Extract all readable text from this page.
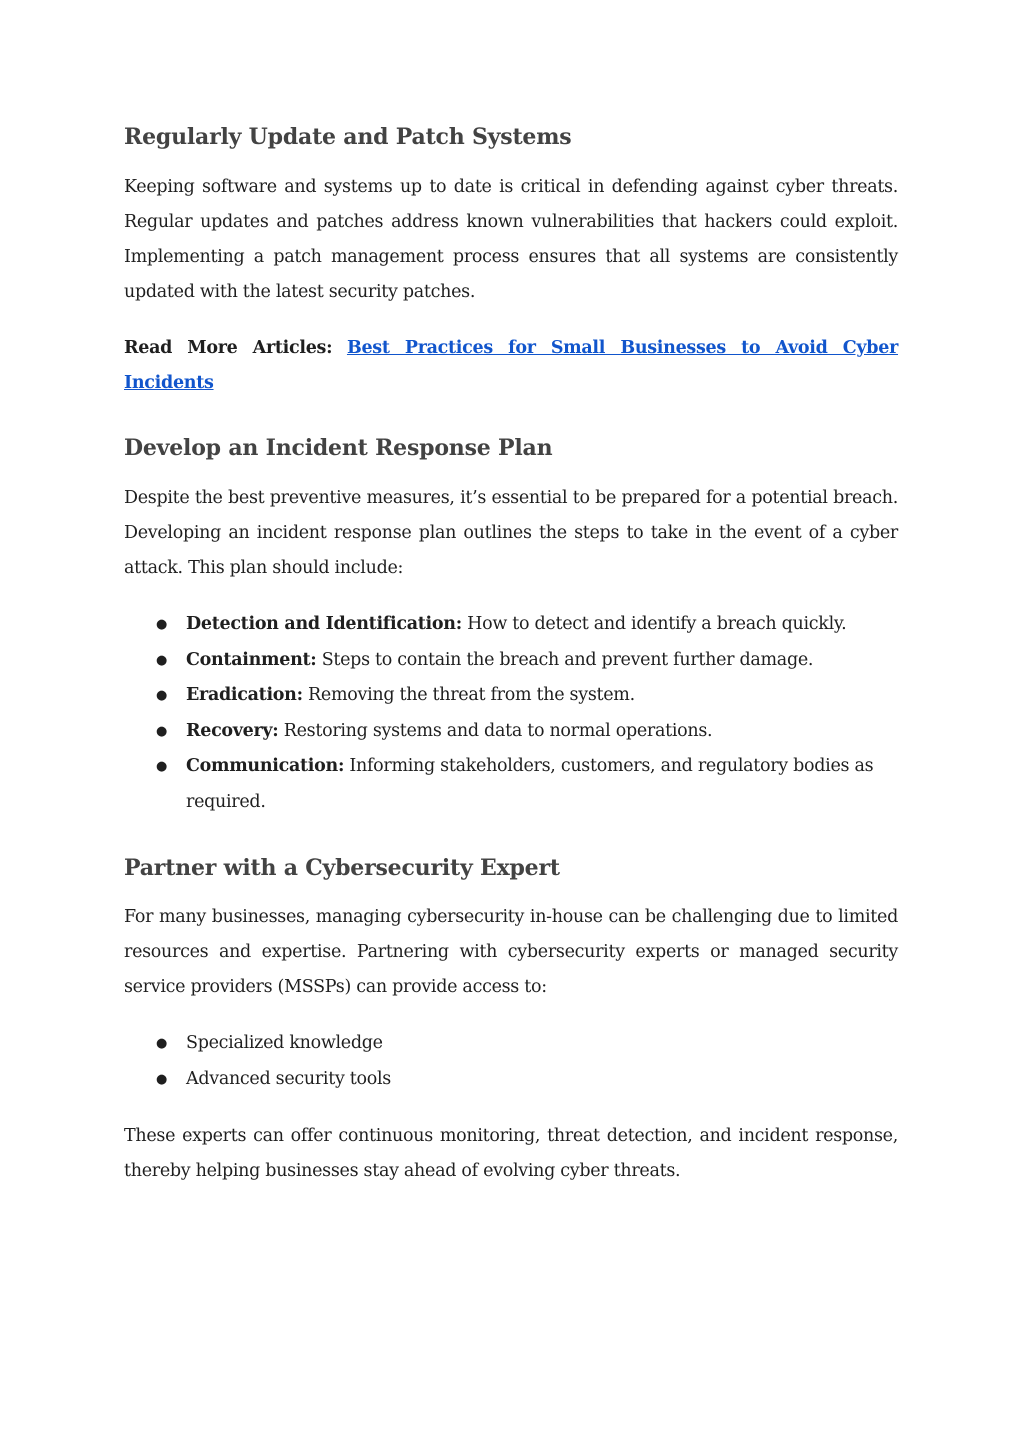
Regularly Update and Patch Systems

Keeping software and systems up to date is critical in defending against cyber threats. Regular updates and patches address known vulnerabilities that hackers could exploit. Implementing a patch management process ensures that all systems are consistently updated with the latest security patches.

Read More Articles: Best Practices for Small Businesses to Avoid Cyber Incidents

Develop an Incident Response Plan

Despite the best preventive measures, it’s essential to be prepared for a potential breach. Developing an incident response plan outlines the steps to take in the event of a cyber attack. This plan should include:

● Detection and Identification: How to detect and identify a breach quickly.
● Containment: Steps to contain the breach and prevent further damage.
● Eradication: Removing the threat from the system.
● Recovery: Restoring systems and data to normal operations.
● Communication: Informing stakeholders, customers, and regulatory bodies as required.
Partner with a Cybersecurity Expert

For many businesses, managing cybersecurity in-house can be challenging due to limited resources and expertise. Partnering with cybersecurity experts or managed security service providers (MSSPs) can provide access to:

● Specialized knowledge
● Advanced security tools

These experts can offer continuous monitoring, threat detection, and incident response, thereby helping businesses stay ahead of evolving cyber threats.
